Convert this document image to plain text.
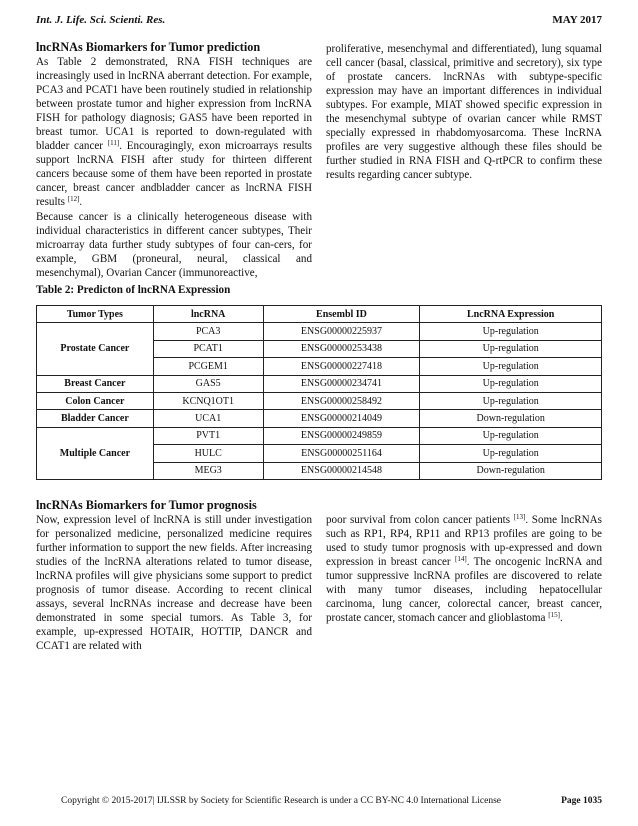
Int. J. Life. Sci. Scienti. Res.	MAY 2017
lncRNAs Biomarkers for Tumor prediction

As Table 2 demonstrated, RNA FISH techniques are increasingly used in lncRNA aberrant detection. For example, PCA3 and PCAT1 have been routinely studied in relationship between prostate tumor and higher expression from lncRNA FISH for pathology diagnosis; GAS5 have been reported in breast tumor. UCA1 is reported to down-regulated with bladder cancer [11]. Encouragingly, exon microarrays results support lncRNA FISH after study for thirteen different cancers because some of them have been reported in prostate cancer, breast cancer andbladder cancer as lncRNA FISH results [12].

Because cancer is a clinically heterogeneous disease with individual characteristics in different cancer subtypes, Their microarray data further study subtypes of four can-cers, for example, GBM (proneural, neural, classical and mesenchymal), Ovarian Cancer (immunoreactive,

proliferative, mesenchymal and differentiated), lung squamal cell cancer (basal, classical, primitive and secretory), six type of prostate cancers. lncRNAs with subtype-specific expression may have an important differences in individual subtypes. For example, MIAT showed specific expression in the mesenchymal subtype of ovarian cancer while RMST specially expressed in rhabdomyosarcoma. These lncRNA profiles are very suggestive although these files should be further studied in RNA FISH and Q-rtPCR to confirm these results regarding cancer subtype.

Table 2: Predicton of lncRNA Expression
Tumor Types	lncRNA	Ensembl ID	LncRNA Expression
Prostate Cancer	PCA3	ENSG00000225937	Up-regulation
	PCAT1	ENSG00000253438	Up-regulation
	PCGEM1	ENSG00000227418	Up-regulation
Breast Cancer	GAS5	ENSG00000234741	Up-regulation
Colon Cancer	KCNQ1OT1	ENSG00000258492	Up-regulation
Bladder Cancer	UCA1	ENSG00000214049	Down-regulation
Multiple Cancer	PVT1	ENSG00000249859	Up-regulation
	HULC	ENSG00000251164	Up-regulation
	MEG3	ENSG00000214548	Down-regulation
lncRNAs Biomarkers for Tumor prognosis

Now, expression level of lncRNA is still under investigation for personalized medicine, personalized medicine requires further information to support the new fields. After increasing studies of the lncRNA alterations related to tumor disease, lncRNA profiles will give physicians some support to predict prognosis of tumor disease. According to recent clinical assays, several lncRNAs increase and decrease have been demonstrated in some special tumors. As Table 3, for example, up-expressed HOTAIR, HOTTIP, DANCR and CCAT1 are related with

poor survival from colon cancer patients [13]. Some lncRNAs such as RP1, RP4, RP11 and RP13 profiles are going to be used to study tumor prognosis with up-expressed and down expression in breast cancer [14]. The oncogenic lncRNA and tumor suppressive lncRNA profiles are discovered to relate with many tumor diseases, including hepatocellular carcinoma, lung cancer, colorectal cancer, breast cancer, prostate cancer, stomach cancer and glioblastoma [15].

Copyright © 2015-2017| IJLSSR by Society for Scientific Research is under a CC BY-NC 4.0 International License	Page 1035
